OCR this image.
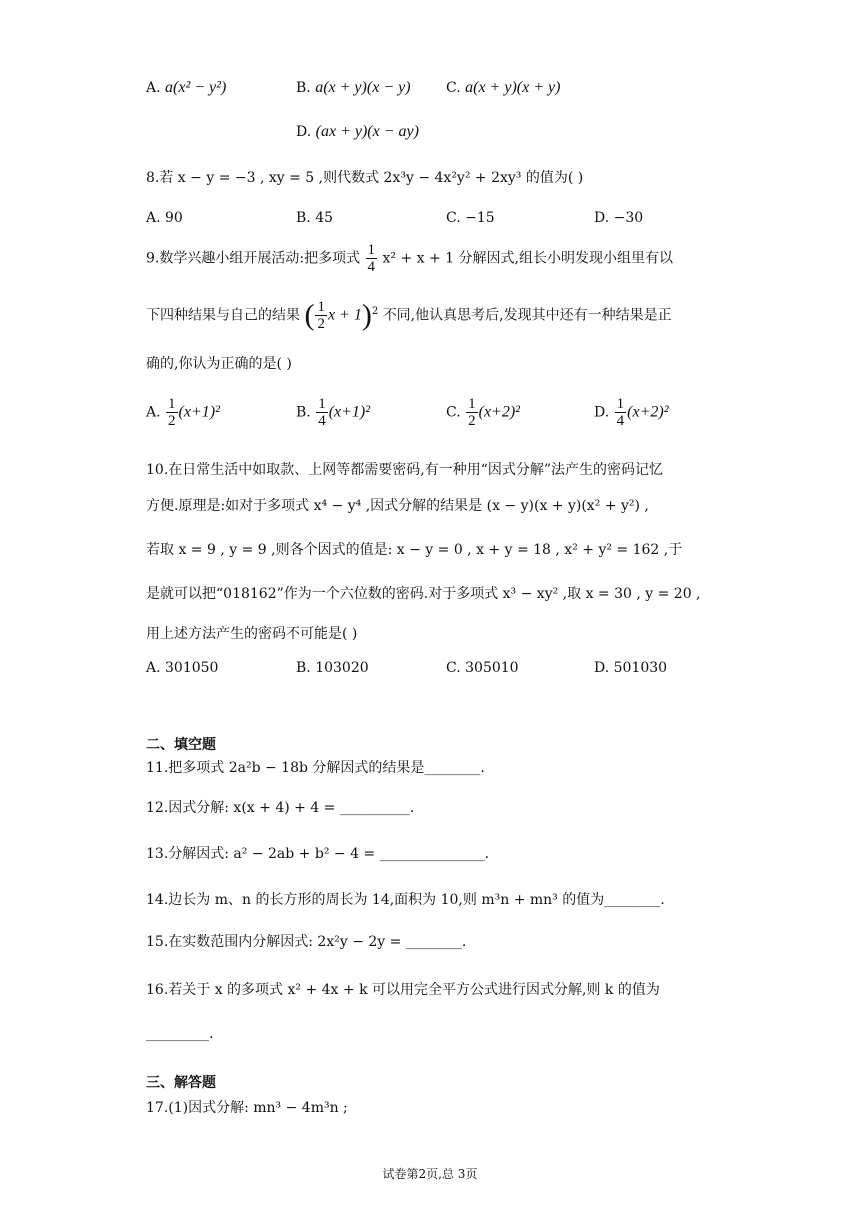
A. a(x² − y²)	B. a(x + y)(x − y)	C. a(x + y)(x + y)
D. (ax + y)(x − ay)
8.若 x − y = −3 , xy = 5 ,则代数式 2x³y − 4x²y² + 2xy³ 的值为( )
A. 90	B. 45	C. −15	D. −30
9.数学兴趣小组开展活动:把多项式 $\frac{1}{4} x^2 + x + 1$ 分解因式,组长小明发现小组里有以
下四种结果与自己的结果 ( $\frac{1}{2}$ x + 1)$^2$ 不同,他认真思考后,发现其中还有一种结果是正
确的,你认为正确的是( )
A. $\frac{1}{2} (x+1)^2$	B. $\frac{1}{4} (x+1)^2$	C. $\frac{1}{2} (x+2)^2$	D. $\frac{1}{4} (x+2)^2$
10.在日常生活中如取款、上网等都需要密码,有一种用“因式分解”法产生的密码记忆
方便.原理是:如对于多项式 x⁴ − y⁴ ,因式分解的结果是 (x − y)(x + y)(x² + y²) ,
若取 x = 9 , y = 9 ,则各个因式的值是: x − y = 0 , x + y = 18 , x² + y² = 162 ,于
是就可以把“018162”作为一个六位数的密码.对于多项式 x³ − xy² ,取 x = 30 , y = 20 ,
用上述方法产生的密码不可能是( )
A. 301050	B. 103020	C. 305010	D. 501030
二、填空题
11.把多项式 2a²b − 18b 分解因式的结果是________.
12.因式分解: x(x + 4) + 4 = __________.
13.分解因式: a² − 2ab + b² − 4 = _______________.
14.边长为 m、n 的长方形的周长为 14,面积为 10,则 m³n + mn³ 的值为________.
15.在实数范围内分解因式: 2x²y − 2y = ________.
16.若关于 x 的多项式 x² + 4x + k 可以用完全平方公式进行因式分解,则 k 的值为
_________.
三、解答题
17.(1)因式分解: mn³ − 4m³n ;
试卷第2页,总 3页
